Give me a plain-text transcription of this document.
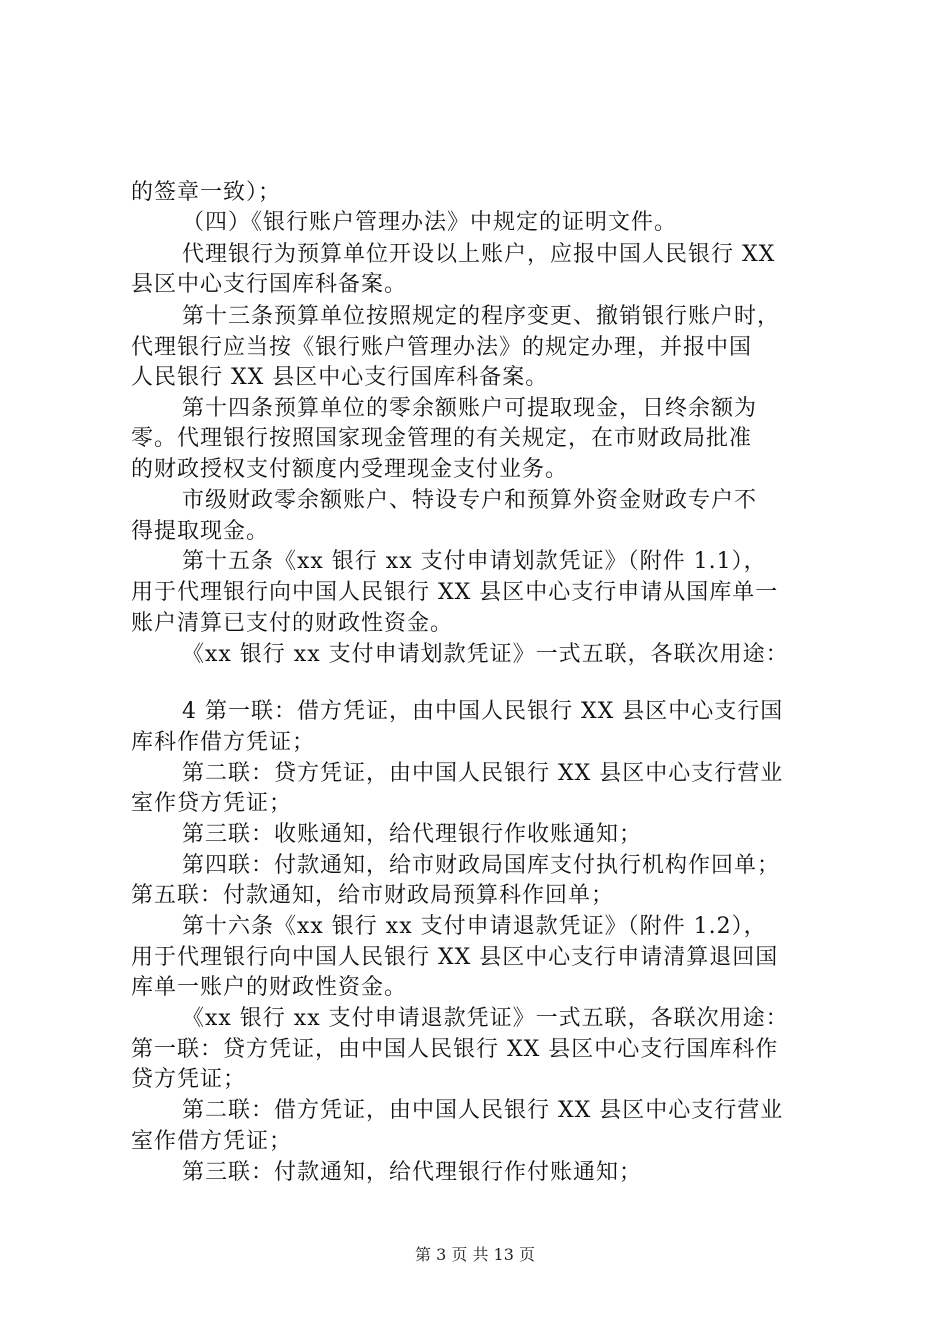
的签章一致）；
（四）《银行账户管理办法》中规定的证明文件。
代理银行为预算单位开设以上账户，应报中国人民银行 XX
县区中心支行国库科备案。
第十三条预算单位按照规定的程序变更、撤销银行账户时，
代理银行应当按《银行账户管理办法》的规定办理，并报中国
人民银行 XX 县区中心支行国库科备案。
第十四条预算单位的零余额账户可提取现金，日终余额为
零。代理银行按照国家现金管理的有关规定，在市财政局批准
的财政授权支付额度内受理现金支付业务。
市级财政零余额账户、特设专户和预算外资金财政专户不
得提取现金。
第十五条《xx 银行 xx 支付申请划款凭证》（附件 1.1），
用于代理银行向中国人民银行 XX 县区中心支行申请从国库单一
账户清算已支付的财政性资金。
《xx 银行 xx 支付申请划款凭证》一式五联，各联次用途：
4 第一联：借方凭证，由中国人民银行 XX 县区中心支行国
库科作借方凭证；
第二联：贷方凭证，由中国人民银行 XX 县区中心支行营业
室作贷方凭证；
第三联：收账通知，给代理银行作收账通知；
第四联：付款通知，给市财政局国库支付执行机构作回单；
第五联：付款通知，给市财政局预算科作回单；
第十六条《xx 银行 xx 支付申请退款凭证》（附件 1.2），
用于代理银行向中国人民银行 XX 县区中心支行申请清算退回国
库单一账户的财政性资金。
《xx 银行 xx 支付申请退款凭证》一式五联，各联次用途：
第一联：贷方凭证，由中国人民银行 XX 县区中心支行国库科作
贷方凭证；
第二联：借方凭证，由中国人民银行 XX 县区中心支行营业
室作借方凭证；
第三联：付款通知，给代理银行作付账通知；
第 3 页 共 13 页
